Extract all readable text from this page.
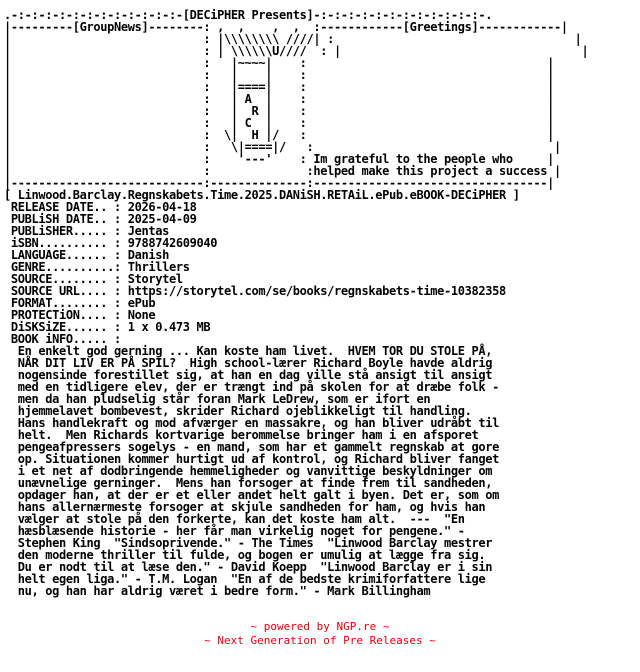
.-:-:-:-:-:-:-:-:-:-:-:-:-[DECiPHER Presents]-:-:-:-:-:-:-:-:-:-:-:-:-.
|---------[GroupNews]--------: ,  ,    ,  ,  :------------[Greetings]------------|
|                            : |\\\\\\\\ ////| :                                   |
|                            : | \\\\\\U////  : |                                   |
|                            :   |~~~~|    :                                   |
|                            :   |    |    :                                   |
|                            :   |====|    :                                   |
|                            :   | A  |    :                                   |
|                            :   |  R |    :                                   |
|                            :   | C  |    :                                   |
|                            :  \|  H |/   :                                   |
|                            :   \|====|/   :                                   |
|                            :    '---'    : Im grateful to the people who     |
|                            :              :helped make this project a success |
|----------------------------:--------------:----------------------------------|
[ Linwood.Barclay.Regnskabets.Time.2025.DANiSH.RETAiL.ePub.eBOOK-DECiPHER ]
RELEASE DATE.. : 2026-04-18
PUBLiSH DATE.. : 2025-04-09
PUBLiSHER..... : Jentas
iSBN.......... : 9788742609040
LANGUAGE...... : Danish
GENRE..........: Thrillers
SOURCE........ : Storytel
SOURCE URL.... : https://storytel.com/se/books/regnskabets-time-10382358
FORMAT........ : ePub
PROTECTiON.... : None
DiSKSiZE...... : 1 x 0.473 MB
BOOK iNFO..... :
En enkelt god gerning ... Kan koste ham livet.  HVEM TOR DU STOLE PÅ,
NÅR DIT LIV ER PÅ SPIL?  High school-lærer Richard Boyle havde aldrig
nogensinde forestillet sig, at han en dag ville stå ansigt til ansigt
med en tidligere elev, der er trængt ind på skolen for at dræbe folk -
men da han pludselig står foran Mark LeDrew, som er ifort en
hjemmelavet bombevest, skrider Richard ojeblikkeligt til handling.
Hans handlekraft og mod afværger en massakre, og han bliver udråbt til
helt.  Men Richards kortvarige berommelse bringer ham i en afsporet
pengeafpressers sogelys - en mand, som har et gammelt regnskab at gore
op. Situationen kommer hurtigt ud af kontrol, og Richard bliver fanget
i et net af dodbringende hemmeligheder og vanvittige beskyldninger om
unævnelige gerninger.  Mens han forsoger at finde frem til sandheden,
opdager han, at der er et eller andet helt galt i byen. Det er, som om
hans allernærmeste forsoger at skjule sandheden for ham, og hvis han
vælger at stole på den forkerte, kan det koste ham alt.  ---  "En
hæsblæsende historie - her får man virkelig noget for pengene." -
Stephen King  "Sindsoprivende." - The Times  "Linwood Barclay mestrer
den moderne thriller til fulde, og bogen er umulig at lægge fra sig.
Du er nodt til at læse den." - David Koepp  "Linwood Barclay er i sin
helt egen liga." - T.M. Logan  "En af de bedste krimiforfattere lige
nu, og han har aldrig været i bedre form." - Mark Billingham

~ powered by NGP.re ~
~ Next Generation of Pre Releases ~
